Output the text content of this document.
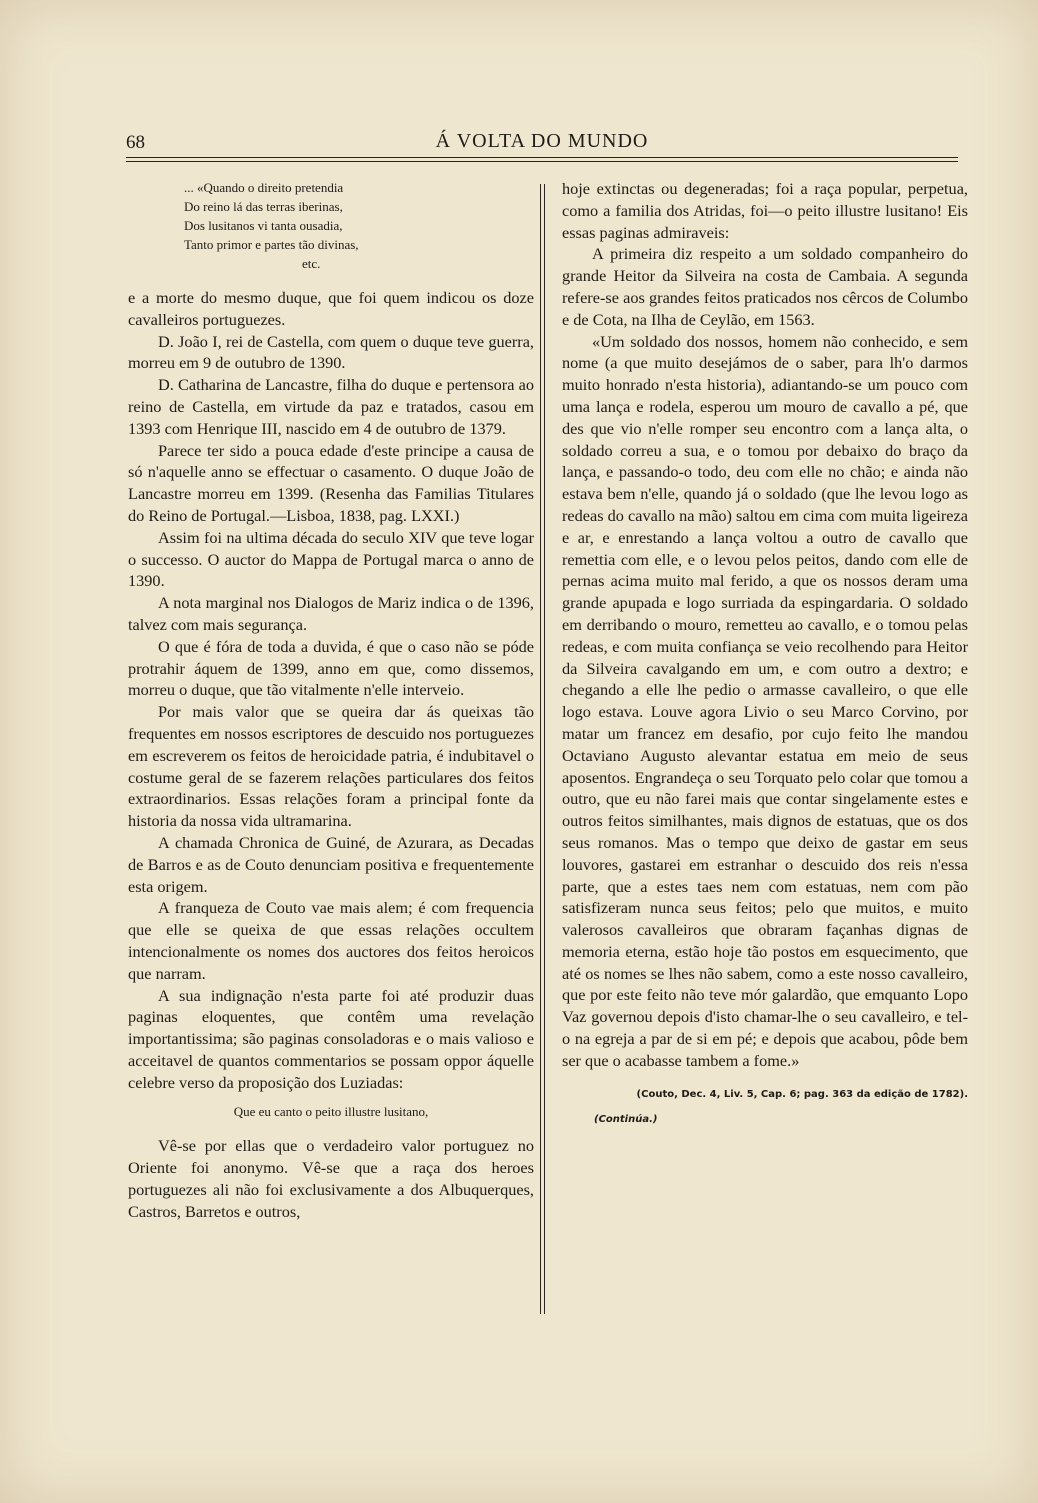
68	Á VOLTA DO MUNDO
... «Quando o direito pretendia
Do reino lá das terras iberinas,
Dos lusitanos vi tanta ousadia,
Tanto primor e partes tão divinas,
etc.

e a morte do mesmo duque, que foi quem indicou os doze cavalleiros portuguezes.

D. João I, rei de Castella, com quem o duque teve guerra, morreu em 9 de outubro de 1390.

D. Catharina de Lancastre, filha do duque e pertensora ao reino de Castella, em virtude da paz e tratados, casou em 1393 com Henrique III, nascido em 4 de outubro de 1379.

Parece ter sido a pouca edade d'este principe a causa de só n'aquelle anno se effectuar o casamento. O duque João de Lancastre morreu em 1399. (Resenha das Familias Titulares do Reino de Portugal.—Lisboa, 1838, pag. LXXI.)

Assim foi na ultima década do seculo XIV que teve logar o successo. O auctor do Mappa de Portugal marca o anno de 1390.

A nota marginal nos Dialogos de Mariz indica o de 1396, talvez com mais segurança.

O que é fóra de toda a duvida, é que o caso não se póde protrahir áquem de 1399, anno em que, como dissemos, morreu o duque, que tão vitalmente n'elle interveio.

Por mais valor que se queira dar ás queixas tão frequentes em nossos escriptores de descuido nos portuguezes em escreverem os feitos de heroicidade patria, é indubitavel o costume geral de se fazerem relações particulares dos feitos extraordinarios. Essas relações foram a principal fonte da historia da nossa vida ultramarina.

A chamada Chronica de Guiné, de Azurara, as Decadas de Barros e as de Couto denunciam positiva e frequentemente esta origem.

A franqueza de Couto vae mais alem; é com frequencia que elle se queixa de que essas relações occultem intencionalmente os nomes dos auctores dos feitos heroicos que narram.

A sua indignação n'esta parte foi até produzir duas paginas eloquentes, que contêm uma revelação importantissima; são paginas consoladoras e o mais valioso e acceitavel de quantos commentarios se possam oppor áquelle celebre verso da proposição dos Luziadas:

Que eu canto o peito illustre lusitano,

Vê-se por ellas que o verdadeiro valor portuguez no Oriente foi anonymo. Vê-se que a raça dos heroes portuguezes ali não foi exclusivamente a dos Albuquerques, Castros, Barretos e outros,

hoje extinctas ou degeneradas; foi a raça popular, perpetua, como a familia dos Atridas, foi—o peito illustre lusitano! Eis essas paginas admiraveis:

A primeira diz respeito a um soldado companheiro do grande Heitor da Silveira na costa de Cambaia. A segunda refere-se aos grandes feitos praticados nos cêrcos de Columbo e de Cota, na Ilha de Ceylão, em 1563.

«Um soldado dos nossos, homem não conhecido, e sem nome (a que muito desejámos de o saber, para lh'o darmos muito honrado n'esta historia), adiantando-se um pouco com uma lança e rodela, esperou um mouro de cavallo a pé, que des que vio n'elle romper seu encontro com a lança alta, o soldado correu a sua, e o tomou por debaixo do braço da lança, e passando-o todo, deu com elle no chão; e ainda não estava bem n'elle, quando já o soldado (que lhe levou logo as redeas do cavallo na mão) saltou em cima com muita ligeireza e ar, e enrestando a lança voltou a outro de cavallo que remettia com elle, e o levou pelos peitos, dando com elle de pernas acima muito mal ferido, a que os nossos deram uma grande apupada e logo surriada da espingardaria. O soldado em derribando o mouro, remetteu ao cavallo, e o tomou pelas redeas, e com muita confiança se veio recolhendo para Heitor da Silveira cavalgando em um, e com outro a dextro; e chegando a elle lhe pedio o armasse cavalleiro, o que elle logo estava. Louve agora Livio o seu Marco Corvino, por matar um francez em desafio, por cujo feito lhe mandou Octaviano Augusto alevantar estatua em meio de seus aposentos. Engrandeça o seu Torquato pelo colar que tomou a outro, que eu não farei mais que contar singelamente estes e outros feitos similhantes, mais dignos de estatuas, que os dos seus romanos. Mas o tempo que deixo de gastar em seus louvores, gastarei em estranhar o descuido dos reis n'essa parte, que a estes taes nem com estatuas, nem com pão satisfizeram nunca seus feitos; pelo que muitos, e muito valerosos cavalleiros que obraram façanhas dignas de memoria eterna, estão hoje tão postos em esquecimento, que até os nomes se lhes não sabem, como a este nosso cavalleiro, que por este feito não teve mór galardão, que emquanto Lopo Vaz governou depois d'isto chamar-lhe o seu cavalleiro, e tel-o na egreja a par de si em pé; e depois que acabou, pôde bem ser que o acabasse tambem a fome.»

(Couto, Dec. 4, Liv. 5, Cap. 6; pag. 363 da edição de 1782).
(Continúa.)
